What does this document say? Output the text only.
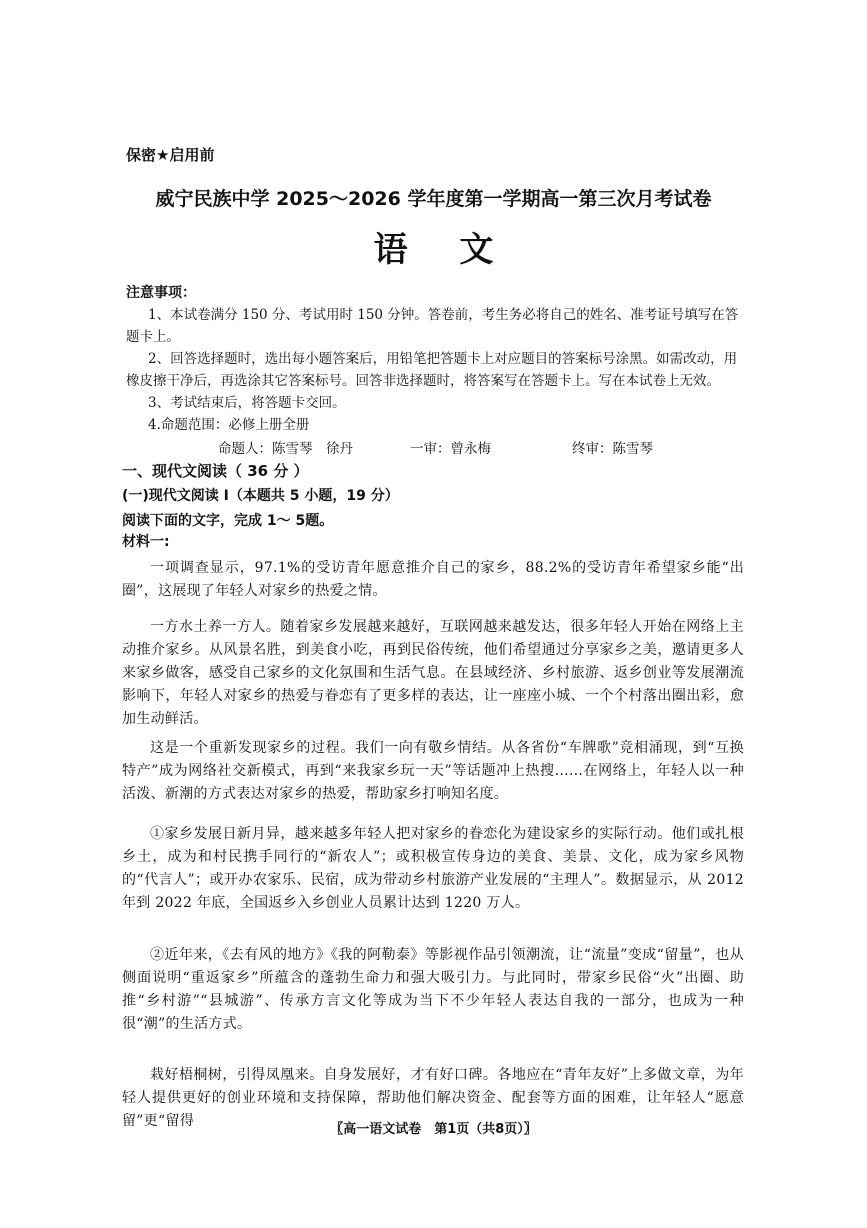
保密★启用前
威宁民族中学 2025～2026 学年度第一学期高一第三次月考试卷
语 文
注意事项：
1、本试卷满分 150 分、考试用时 150 分钟。答卷前，考生务必将自己的姓名、准考证号填写在答题卡上。
2、回答选择题时，选出每小题答案后，用铅笔把答题卡上对应题目的答案标号涂黑。如需改动，用橡皮擦干净后，再选涂其它答案标号。回答非选择题时，将答案写在答题卡上。写在本试卷上无效。
3、考试结束后，将答题卡交回。
4.命题范围：必修上册全册
命题人：陈雪琴　徐丹	一审：曾永梅	终审：陈雪琴
一、现代文阅读（ 36 分 ）
(一)现代文阅读 I（本题共 5 小题，19 分）
阅读下面的文字，完成 1～ 5题。
材料一:
一项调查显示，97.1%的受访青年愿意推介自己的家乡，88.2%的受访青年希望家乡能“出圈”，这展现了年轻人对家乡的热爱之情。
一方水土养一方人。随着家乡发展越来越好，互联网越来越发达，很多年轻人开始在网络上主动推介家乡。从风景名胜，到美食小吃，再到民俗传统，他们希望通过分享家乡之美，邀请更多人来家乡做客，感受自己家乡的文化氛围和生活气息。在县域经济、乡村旅游、返乡创业等发展潮流影响下，年轻人对家乡的热爱与眷恋有了更多样的表达，让一座座小城、一个个村落出圈出彩，愈加生动鲜活。
这是一个重新发现家乡的过程。我们一向有敬乡情结。从各省份“车牌歌”竞相涌现，到“互换特产”成为网络社交新模式，再到“来我家乡玩一天”等话题冲上热搜……在网络上，年轻人以一种活泼、新潮的方式表达对家乡的热爱，帮助家乡打响知名度。
①家乡发展日新月异，越来越多年轻人把对家乡的眷恋化为建设家乡的实际行动。他们或扎根乡土，成为和村民携手同行的“新农人”；或积极宣传身边的美食、美景、文化，成为家乡风物的“代言人”；或开办农家乐、民宿，成为带动乡村旅游产业发展的“主理人”。数据显示，从 2012 年到 2022 年底，全国返乡入乡创业人员累计达到 1220 万人。
②近年来，《去有风的地方》《我的阿勒泰》等影视作品引领潮流，让“流量”变成“留量”，也从侧面说明“重返家乡”所蕴含的蓬勃生命力和强大吸引力。与此同时，带家乡民俗“火”出圈、助推“乡村游”“县城游”、传承方言文化等成为当下不少年轻人表达自我的一部分，也成为一种很“潮”的生活方式。
栽好梧桐树，引得凤凰来。自身发展好，才有好口碑。各地应在“青年友好”上多做文章，为年轻人提供更好的创业环境和支持保障，帮助他们解决资金、配套等方面的困难，让年轻人“愿意留”更“留得
〖高一语文试卷　第1页（共8页）〗
